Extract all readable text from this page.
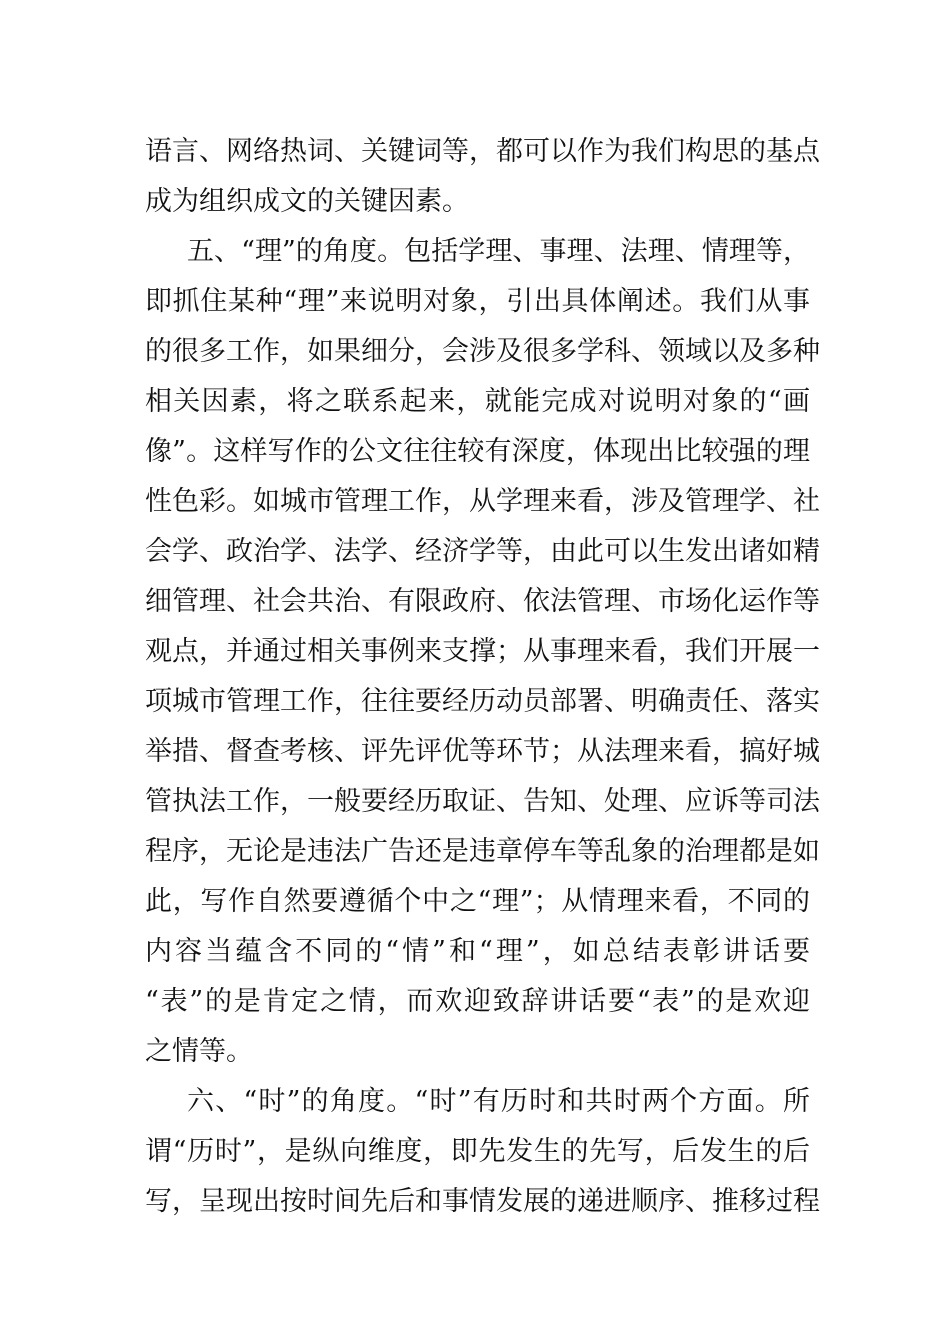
语言、网络热词、关键词等，都可以作为我们构思的基点
成为组织成文的关键因素。
五、“理”的角度。包括学理、事理、法理、情理等，
即抓住某种“理”来说明对象，引出具体阐述。我们从事
的很多工作，如果细分，会涉及很多学科、领域以及多种
相关因素，将之联系起来，就能完成对说明对象的“画
像”。这样写作的公文往往较有深度，体现出比较强的理
性色彩。如城市管理工作，从学理来看，涉及管理学、社
会学、政治学、法学、经济学等，由此可以生发出诸如精
细管理、社会共治、有限政府、依法管理、市场化运作等
观点，并通过相关事例来支撑；从事理来看，我们开展一
项城市管理工作，往往要经历动员部署、明确责任、落实
举措、督查考核、评先评优等环节；从法理来看，搞好城
管执法工作，一般要经历取证、告知、处理、应诉等司法
程序，无论是违法广告还是违章停车等乱象的治理都是如
此，写作自然要遵循个中之“理”；从情理来看，不同的
内容当蕴含不同的“情”和“理”，如总结表彰讲话要
“表”的是肯定之情，而欢迎致辞讲话要“表”的是欢迎
之情等。
六、“时”的角度。“时”有历时和共时两个方面。所
谓“历时”，是纵向维度，即先发生的先写，后发生的后
写，呈现出按时间先后和事情发展的递进顺序、推移过程
